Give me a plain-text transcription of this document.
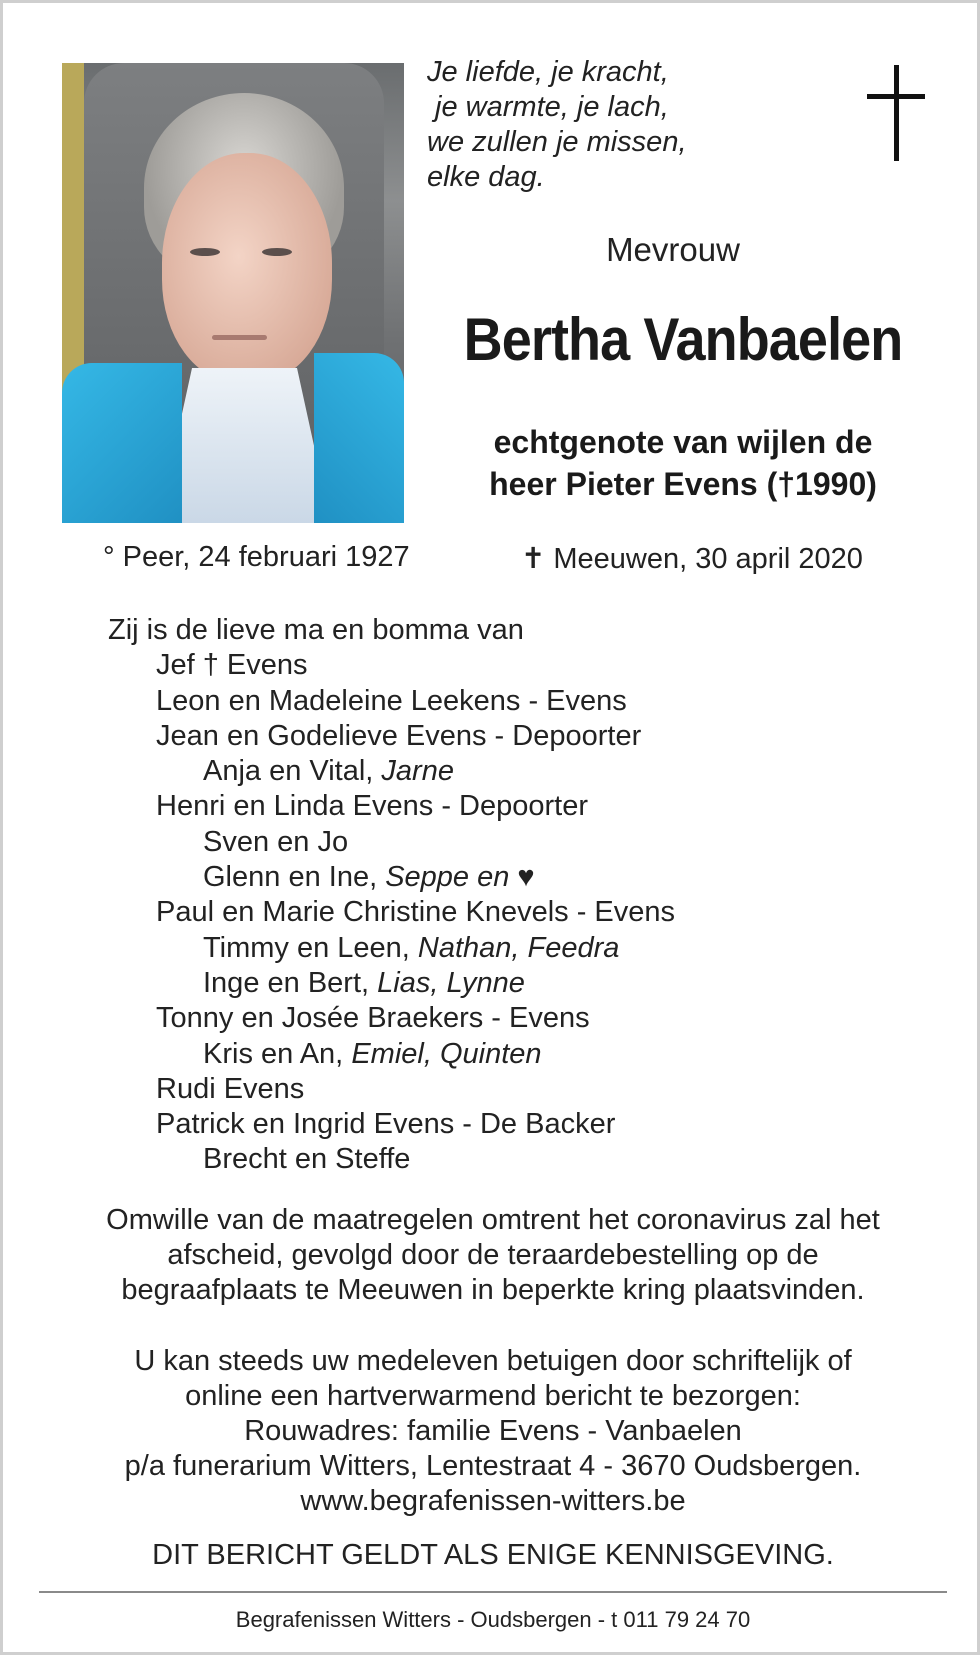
Je liefde, je kracht,
je warmte, je lach,
we zullen je missen,
elke dag.
Mevrouw
Bertha Vanbaelen
echtgenote van wijlen de
heer Pieter Evens (†1990)
° Peer, 24 februari 1927	✝ Meeuwen, 30 april 2020
Zij is de lieve ma en bomma van
Jef † Evens
Leon en Madeleine Leekens - Evens
Jean en Godelieve Evens - Depoorter
Anja en Vital, Jarne
Henri en Linda Evens - Depoorter
Sven en Jo
Glenn en Ine, Seppe en ♥
Paul en Marie Christine Knevels - Evens
Timmy en Leen, Nathan, Feedra
Inge en Bert, Lias, Lynne
Tonny en Josée Braekers - Evens
Kris en An, Emiel, Quinten
Rudi Evens
Patrick en Ingrid Evens - De Backer
Brecht en Steffe
Omwille van de maatregelen omtrent het coronavirus zal het
afscheid, gevolgd door de teraardebestelling op de
begraafplaats te Meeuwen in beperkte kring plaatsvinden.
U kan steeds uw medeleven betuigen door schriftelijk of
online een hartverwarmend bericht te bezorgen:
Rouwadres: familie Evens - Vanbaelen
p/a funerarium Witters, Lentestraat 4 - 3670 Oudsbergen.
www.begrafenissen-witters.be
DIT BERICHT GELDT ALS ENIGE KENNISGEVING.
Begrafenissen Witters - Oudsbergen - t 011 79 24 70
